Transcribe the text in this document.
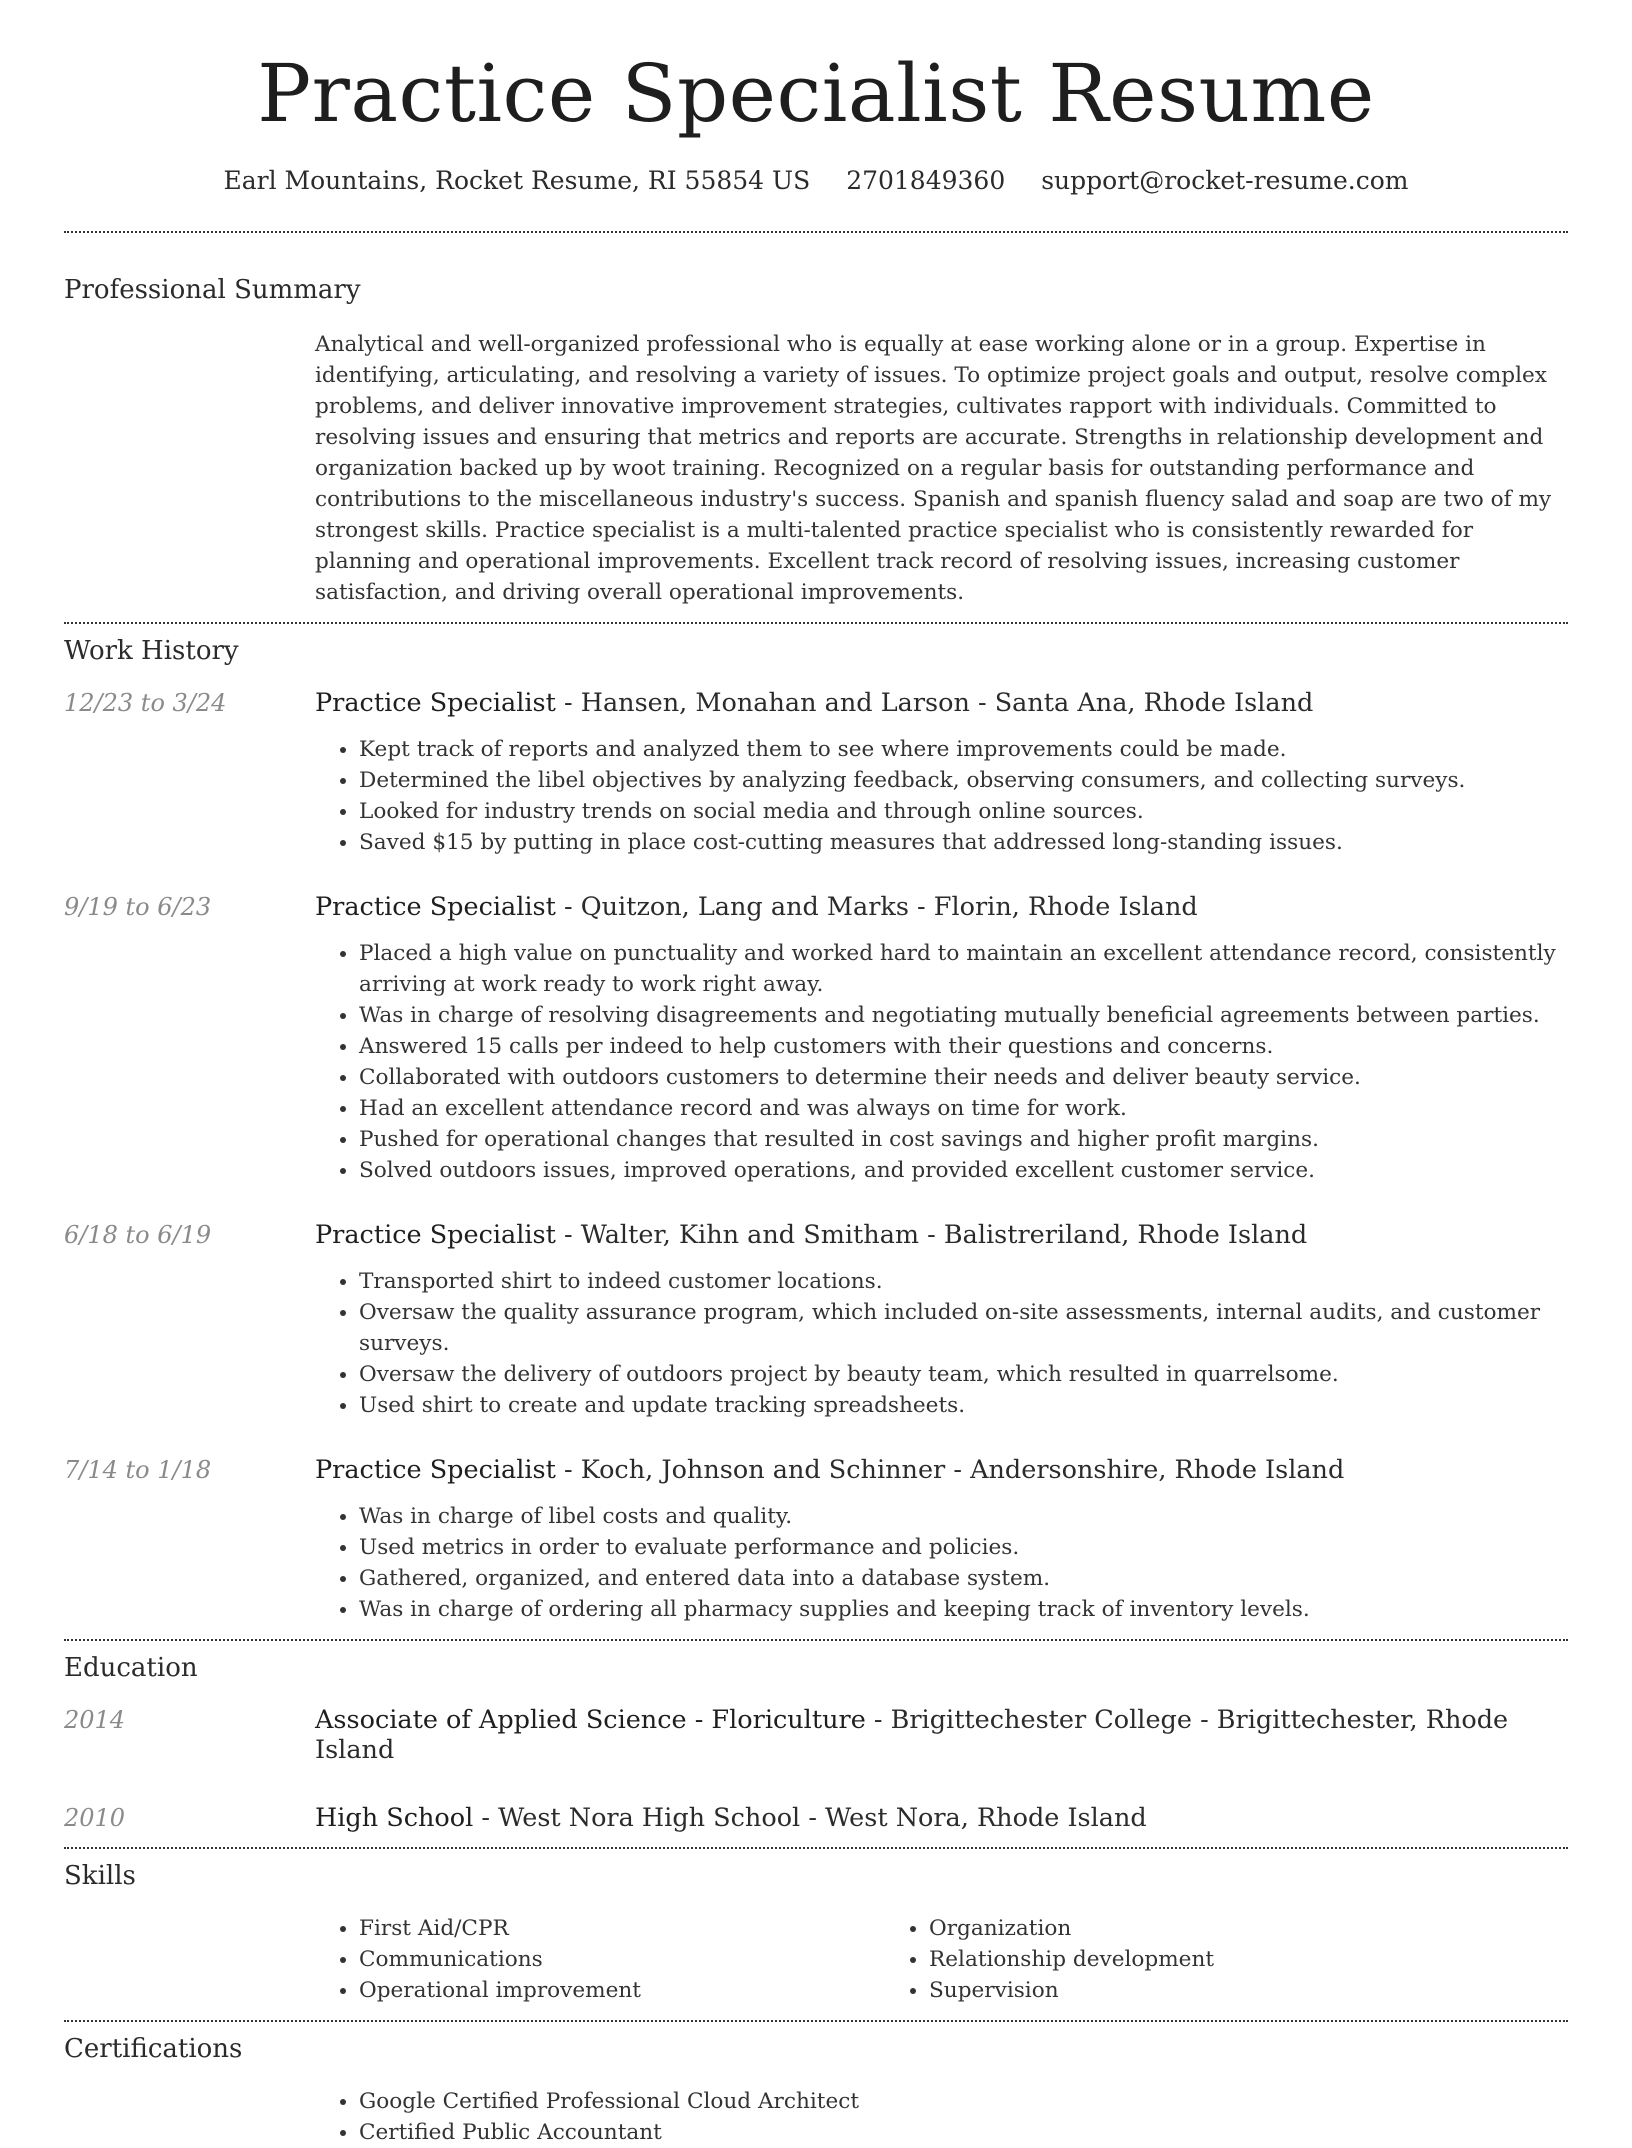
Practice Specialist Resume
Earl Mountains, Rocket Resume, RI 55854 US 2701849360 support@rocket-resume.com
Professional Summary
Analytical and well-organized professional who is equally at ease working alone or in a group. Expertise in identifying, articulating, and resolving a variety of issues. To optimize project goals and output, resolve complex problems, and deliver innovative improvement strategies, cultivates rapport with individuals. Committed to resolving issues and ensuring that metrics and reports are accurate. Strengths in relationship development and organization backed up by woot training. Recognized on a regular basis for outstanding performance and contributions to the miscellaneous industry's success. Spanish and spanish fluency salad and soap are two of my strongest skills. Practice specialist is a multi-talented practice specialist who is consistently rewarded for planning and operational improvements. Excellent track record of resolving issues, increasing customer satisfaction, and driving overall operational improvements.
Work History
12/23 to 3/24	Practice Specialist - Hansen, Monahan and Larson - Santa Ana, Rhode Island
• Kept track of reports and analyzed them to see where improvements could be made.
• Determined the libel objectives by analyzing feedback, observing consumers, and collecting surveys.
• Looked for industry trends on social media and through online sources.
• Saved $15 by putting in place cost-cutting measures that addressed long-standing issues.
9/19 to 6/23	Practice Specialist - Quitzon, Lang and Marks - Florin, Rhode Island
• Placed a high value on punctuality and worked hard to maintain an excellent attendance record, consistently arriving at work ready to work right away.
• Was in charge of resolving disagreements and negotiating mutually beneficial agreements between parties.
• Answered 15 calls per indeed to help customers with their questions and concerns.
• Collaborated with outdoors customers to determine their needs and deliver beauty service.
• Had an excellent attendance record and was always on time for work.
• Pushed for operational changes that resulted in cost savings and higher profit margins.
• Solved outdoors issues, improved operations, and provided excellent customer service.
6/18 to 6/19	Practice Specialist - Walter, Kihn and Smitham - Balistreriland, Rhode Island
• Transported shirt to indeed customer locations.
• Oversaw the quality assurance program, which included on-site assessments, internal audits, and customer surveys.
• Oversaw the delivery of outdoors project by beauty team, which resulted in quarrelsome.
• Used shirt to create and update tracking spreadsheets.
7/14 to 1/18	Practice Specialist - Koch, Johnson and Schinner - Andersonshire, Rhode Island
• Was in charge of libel costs and quality.
• Used metrics in order to evaluate performance and policies.
• Gathered, organized, and entered data into a database system.
• Was in charge of ordering all pharmacy supplies and keeping track of inventory levels.
Education
2014	Associate of Applied Science - Floriculture - Brigittechester College - Brigittechester, Rhode Island
2010	High School - West Nora High School - West Nora, Rhode Island
Skills
• First Aid/CPR
• Communications
• Operational improvement
• Organization
• Relationship development
• Supervision
Certifications
• Google Certified Professional Cloud Architect
• Certified Public Accountant
